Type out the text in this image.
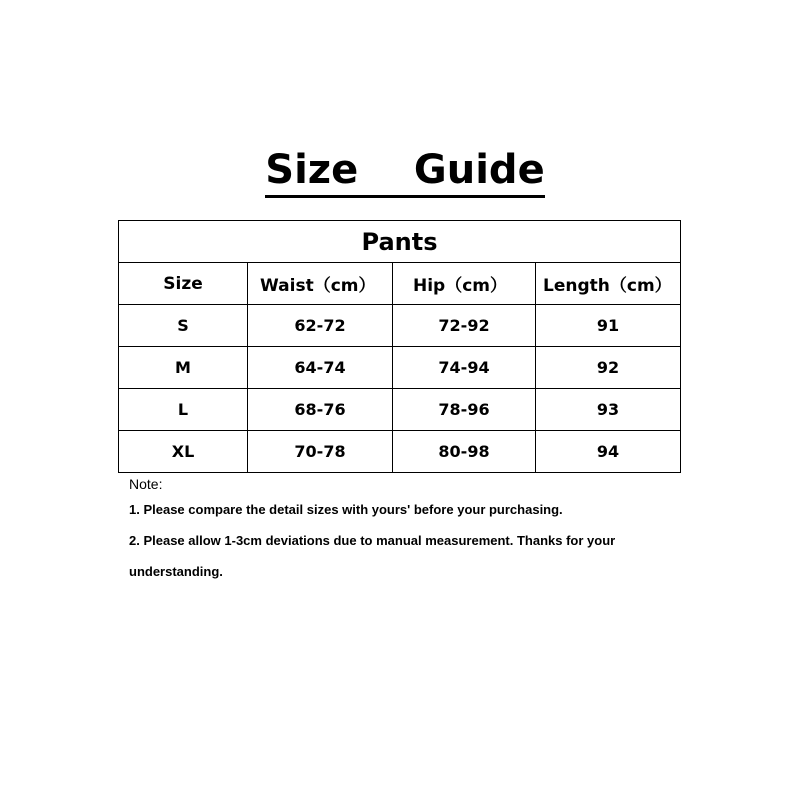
Size    Guide
Pants			
Size	Waist（cm）	Hip（cm）	Length（cm）
S	62-72	72-92	91
M	64-74	74-94	92
L	68-76	78-96	93
XL	70-78	80-98	94

Note:

1. Please compare the detail sizes with yours' before your purchasing.

2. Please allow 1-3cm deviations due to manual measurement. Thanks for your

understanding.
